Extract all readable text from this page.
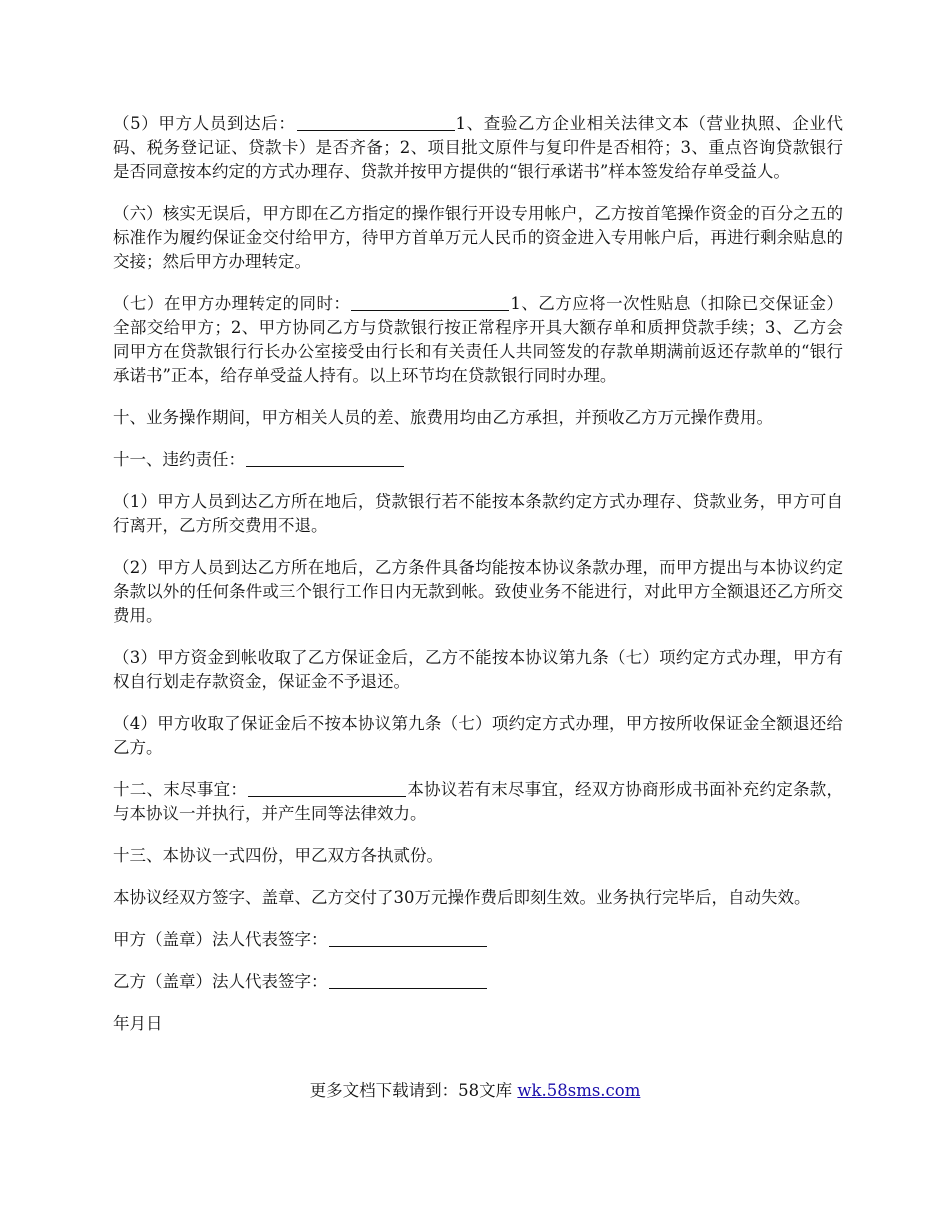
（5）甲方人员到达后：	1、查验乙方企业相关法律文本（营业执照、企业代码、税务登记证、贷款卡）是否齐备；2、项目批文原件与复印件是否相符；3、重点咨询贷款银行是否同意按本约定的方式办理存、贷款并按甲方提供的“银行承诺书”样本签发给存单受益人。

（六）核实无误后，甲方即在乙方指定的操作银行开设专用帐户，乙方按首笔操作资金的百分之五的标准作为履约保证金交付给甲方，待甲方首单万元人民币的资金进入专用帐户后，再进行剩余贴息的交接；然后甲方办理转定。

（七）在甲方办理转定的同时：	1、乙方应将一次性贴息（扣除已交保证金）全部交给甲方；2、甲方协同乙方与贷款银行按正常程序开具大额存单和质押贷款手续；3、乙方会同甲方在贷款银行行长办公室接受由行长和有关责任人共同签发的存款单期满前返还存款单的“银行承诺书”正本，给存单受益人持有。以上环节均在贷款银行同时办理。

十、业务操作期间，甲方相关人员的差、旅费用均由乙方承担，并预收乙方万元操作费用。

十一、违约责任：

（1）甲方人员到达乙方所在地后，贷款银行若不能按本条款约定方式办理存、贷款业务，甲方可自行离开，乙方所交费用不退。

（2）甲方人员到达乙方所在地后，乙方条件具备均能按本协议条款办理，而甲方提出与本协议约定条款以外的任何条件或三个银行工作日内无款到帐。致使业务不能进行，对此甲方全额退还乙方所交费用。

（3）甲方资金到帐收取了乙方保证金后，乙方不能按本协议第九条（七）项约定方式办理，甲方有权自行划走存款资金，保证金不予退还。

（4）甲方收取了保证金后不按本协议第九条（七）项约定方式办理，甲方按所收保证金全额退还给乙方。

十二、末尽事宜：	本协议若有末尽事宜，经双方协商形成书面补充约定条款，与本协议一并执行，并产生同等法律效力。

十三、本协议一式四份，甲乙双方各执贰份。

本协议经双方签字、盖章、乙方交付了30万元操作费后即刻生效。业务执行完毕后，自动失效。

甲方（盖章）法人代表签字：

乙方（盖章）法人代表签字：

年月日

更多文档下载请到：58文库 wk.58sms.com
